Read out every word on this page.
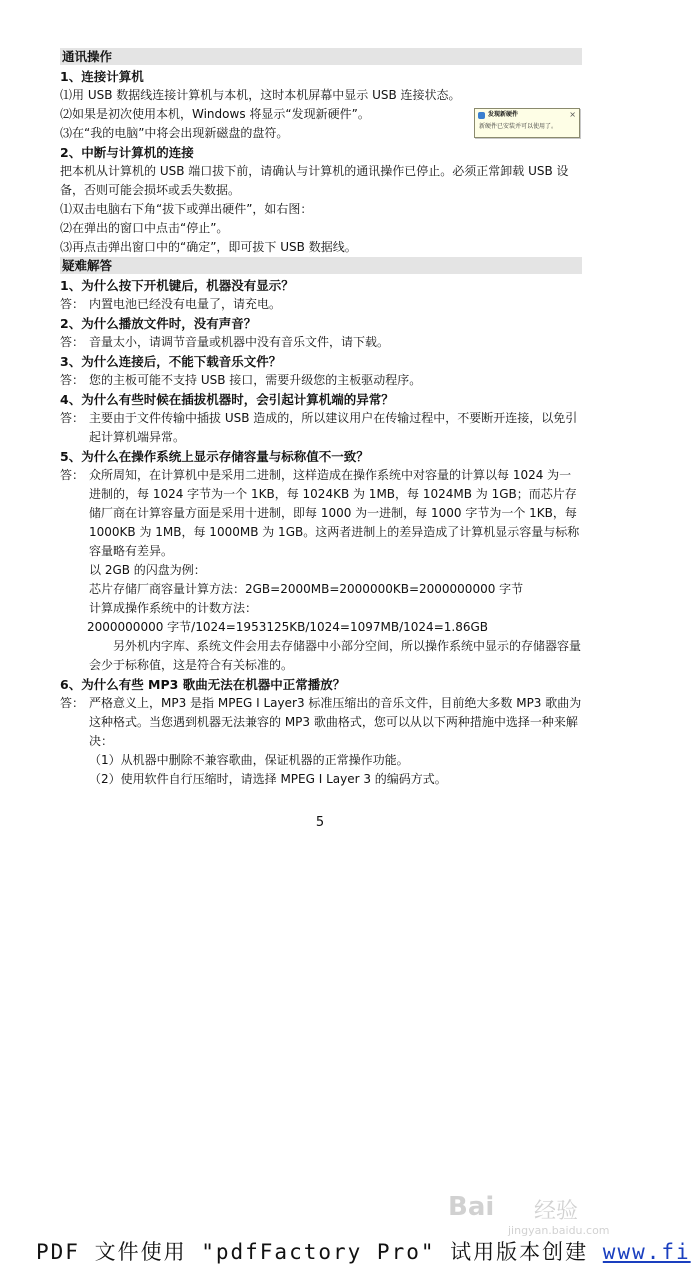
通讯操作
1、连接计算机
⑴用 USB 数据线连接计算机与本机，这时本机屏幕中显示 USB 连接状态。
⑵如果是初次使用本机，Windows 将显示“发现新硬件”。
⑶在“我的电脑”中将会出现新磁盘的盘符。
2、中断与计算机的连接
把本机从计算机的 USB 端口拔下前，请确认与计算机的通讯操作已停止。必须正常卸载 USB 设备，否则可能会损坏或丢失数据。
⑴双击电脑右下角“拔下或弹出硬件”，如右图：
⑵在弹出的窗口中点击“停止”。
⑶再点击弹出窗口中的“确定”，即可拔下 USB 数据线。
疑难解答
1、为什么按下开机键后，机器没有显示？
答： 内置电池已经没有电量了，请充电。
2、为什么播放文件时，没有声音？
答： 音量太小，请调节音量或机器中没有音乐文件，请下载。
3、为什么连接后，不能下载音乐文件？
答： 您的主板可能不支持 USB 接口，需要升级您的主板驱动程序。
4、为什么有些时候在插拔机器时，会引起计算机端的异常？
答： 主要由于文件传输中插拔 USB 造成的，所以建议用户在传输过程中，不要断开连接，以免引起计算机端异常。
5、为什么在操作系统上显示存储容量与标称值不一致？
答： 众所周知，在计算机中是采用二进制，这样造成在操作系统中对容量的计算以每 1024 为一进制的，每 1024 字节为一个 1KB，每 1024KB 为 1MB，每 1024MB 为 1GB；而芯片存储厂商在计算容量方面是采用十进制，即每 1000 为一进制，每 1000 字节为一个 1KB，每 1000KB 为 1MB，每 1000MB 为 1GB。这两者进制上的差异造成了计算机显示容量与标称容量略有差异。
以 2GB 的闪盘为例：
芯片存储厂商容量计算方法：2GB=2000MB=2000000KB=2000000000 字节
计算成操作系统中的计数方法：
2000000000 字节/1024=1953125KB/1024=1097MB/1024=1.86GB
另外机内字库、系统文件会用去存储器中小部分空间，所以操作系统中显示的存储器容量会少于标称值，这是符合有关标准的。
6、为什么有些 MP3 歌曲无法在机器中正常播放？
答： 严格意义上，MP3 是指 MPEG I Layer3 标准压缩出的音乐文件，目前绝大多数 MP3 歌曲为这种格式。当您遇到机器无法兼容的 MP3 歌曲格式，您可以从以下两种措施中选择一种来解决：
（1）从机器中删除不兼容歌曲，保证机器的正常操作功能。
（2）使用软件自行压缩时，请选择 MPEG I Layer 3 的编码方式。
发现新硬件	×
新硬件已安装并可以使用了。
5
Bai 经验
jingyan.baidu.com
PDF 文件使用 "pdfFactory Pro" 试用版本创建 www.fi
